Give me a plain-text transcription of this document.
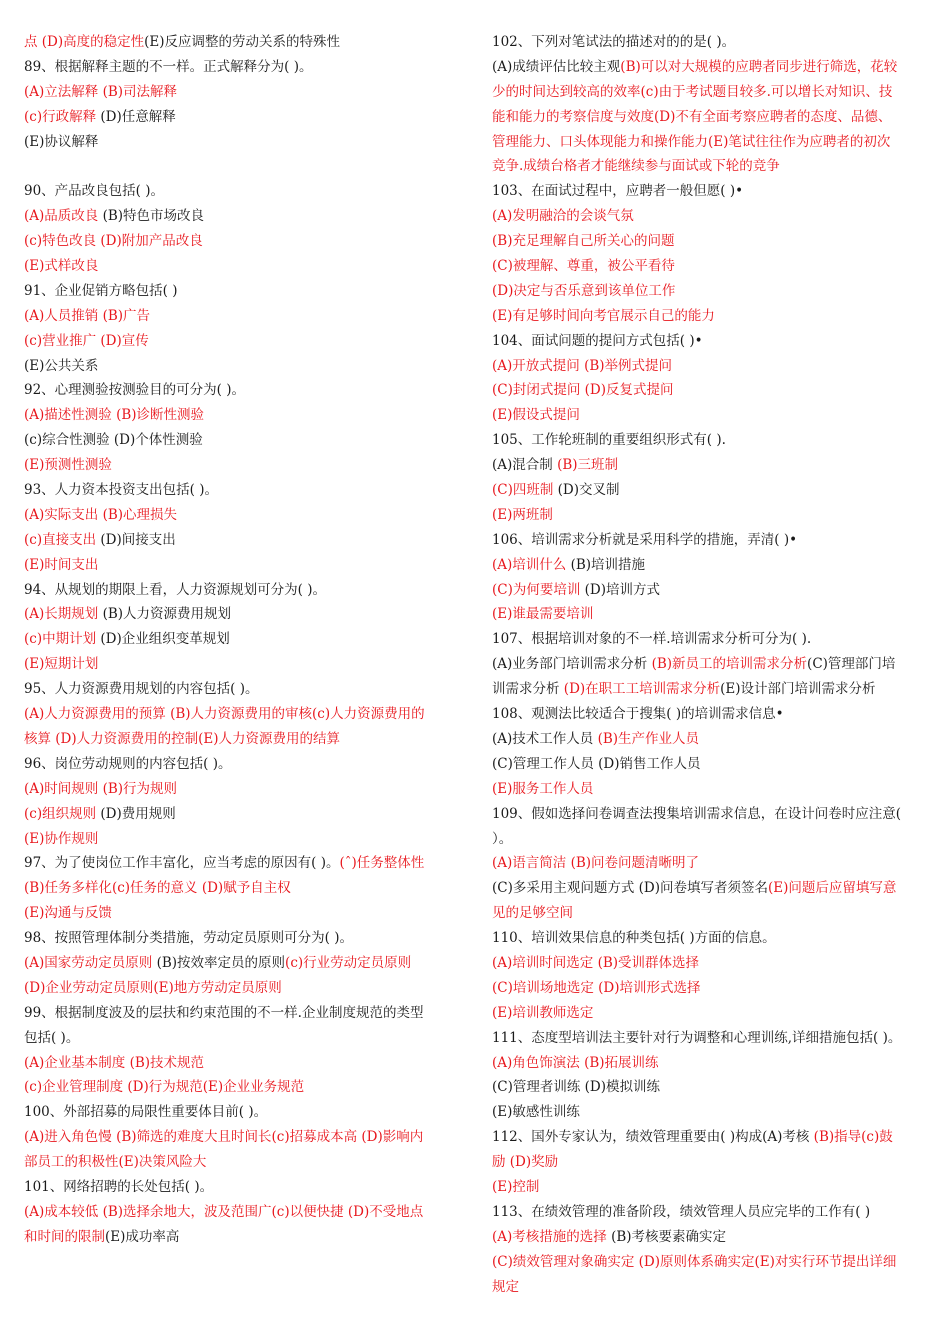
点 (D)高度的稳定性(E)反应调整的劳动关系的特殊性
89、根据解释主题的不一样。正式解释分为( )。
(A)立法解释 (B)司法解释
(c)行政解释 (D)任意解释
(E)协议解释
90、产品改良包括( )。
(A)品质改良 (B)特色市场改良
(c)特色改良 (D)附加产品改良
(E)式样改良
91、企业促销方略包括( )
(A)人员推销 (B)广告
(c)营业推广 (D)宣传
(E)公共关系
92、心理测验按测验目的可分为( )。
(A)描述性测验 (B)诊断性测验
(c)综合性测验 (D)个体性测验
(E)预测性测验
93、人力资本投资支出包括( )。
(A)实际支出 (B)心理损失
(c)直接支出 (D)间接支出
(E)时间支出
94、从规划的期限上看，人力资源规划可分为( )。
(A)长期规划 (B)人力资源费用规划
(c)中期计划 (D)企业组织变革规划
(E)短期计划
95、人力资源费用规划的内容包括( )。
(A)人力资源费用的预算 (B)人力资源费用的审核(c)人力资源费用的
核算 (D)人力资源费用的控制(E)人力资源费用的结算
96、岗位劳动规则的内容包括( )。
(A)时间规则 (B)行为规则
(c)组织规则 (D)费用规则
(E)协作规则
97、为了使岗位工作丰富化，应当考虑的原因有( )。(ˆ)任务整体性
(B)任务多样化(c)任务的意义 (D)赋予自主权
(E)沟通与反馈
98、按照管理体制分类措施，劳动定员原则可分为( )。
(A)国家劳动定员原则 (B)按效率定员的原则(c)行业劳动定员原则
(D)企业劳动定员原则(E)地方劳动定员原则
99、根据制度波及的层扶和约束范围的不一样.企业制度规范的类型
包括( )。
(A)企业基本制度 (B)技术规范
(c)企业管理制度 (D)行为规范(E)企业业务规范
100、外部招募的局限性重要体目前( )。
(A)进入角色慢 (B)筛选的难度大且时间长(c)招募成本高 (D)影响内
部员工的积极性(E)决策风险大
101、网络招聘的长处包括( )。
(A)成本较低 (B)选择余地大，波及范围广(c)以便快捷 (D)不受地点
和时间的限制(E)成功率高
102、下列对笔试法的描述对的的是( )。
(A)成绩评估比较主观(B)可以对大规模的应聘者同步进行筛选，花较
少的时间达到较高的效率(c)由于考试题目较多.可以增长对知识、技
能和能力的考察信度与效度(D)不有全面考察应聘者的态度、品德、
管理能力、口头体现能力和操作能力(E)笔试往往作为应聘者的初次
竞争.成绩台格者才能继续参与面试或下轮的竞争
103、在面试过程中，应聘者一般但愿( )•
(A)发明融洽的会谈气氛
(B)充足理解自己所关心的问题
(C)被理解、尊重，被公平看待
(D)决定与否乐意到该单位工作
(E)有足够时间向考官展示自己的能力
104、面试问题的提问方式包括( )•
(A)开放式提问 (B)举例式提问
(C)封闭式提问 (D)反复式提问
(E)假设式提问
105、工作轮班制的重要组织形式有( ).
(A)混合制 (B)三班制
(C)四班制 (D)交叉制
(E)两班制
106、培训需求分析就是采用科学的措施，弄清( )•
(A)培训什么 (B)培训措施
(C)为何要培训 (D)培训方式
(E)谁最需要培训
107、根据培训对象的不一样.培训需求分析可分为( ).
(A)业务部门培训需求分析 (B)新员工的培训需求分析(C)管理部门培
训需求分析 (D)在职工工培训需求分析(E)设计部门培训需求分析
108、观测法比较适合于搜集( )的培训需求信息•
(A)技术工作人员 (B)生产作业人员
(C)管理工作人员 (D)销售工作人员
(E)服务工作人员
109、假如选择问卷调查法搜集培训需求信息，在设计问卷时应注意(
）。
(A)语言简洁 (B)问卷问题清晰明了
(C)多采用主观问题方式 (D)问卷填写者须签名(E)问题后应留填写意
见的足够空间
110、培训效果信息的种类包括( )方面的信息。
(A)培训时间选定 (B)受训群体选择
(C)培训场地选定 (D)培训形式选择
(E)培训教师选定
111、态度型培训法主要针对行为调整和心理训练,详细措施包括( )。
(A)角色饰演法 (B)拓展训练
(C)管理者训练 (D)模拟训练
(E)敏感性训练
112、国外专家认为，绩效管理重要由( )构成(A)考核 (B)指导(c)鼓
励 (D)奖励
(E)控制
113、在绩效管理的准备阶段，绩效管理人员应完毕的工作有( )
(A)考核措施的选择 (B)考核要素确实定
(C)绩效管理对象确实定 (D)原则体系确实定(E)对实行环节提出详细
规定
